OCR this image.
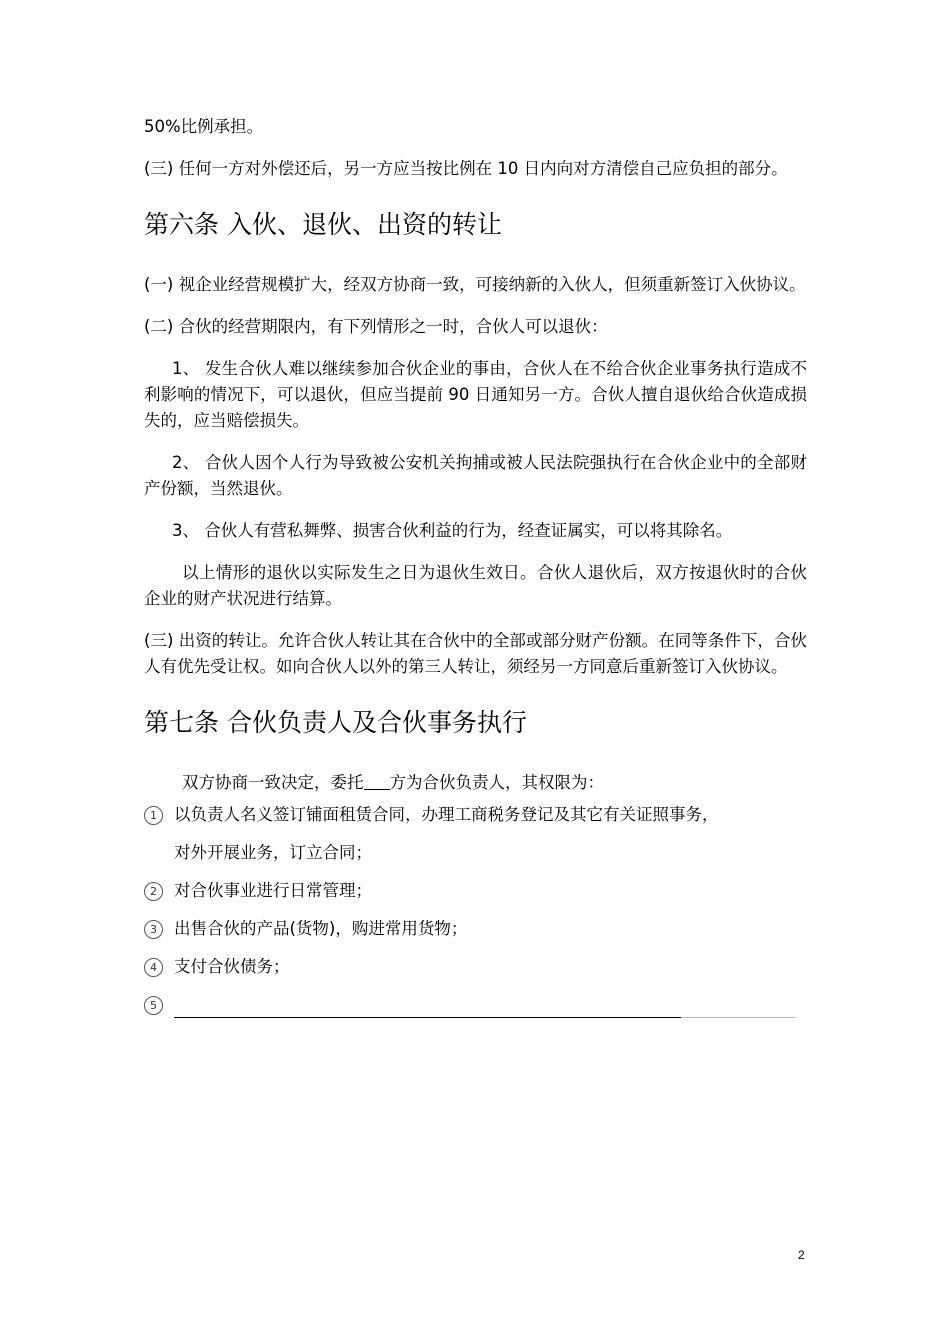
50%比例承担。

(三) 任何一方对外偿还后，另一方应当按比例在 10 日内向对方清偿自己应负担的部分。

第六条 入伙、退伙、出资的转让

(一) 视企业经营规模扩大，经双方协商一致，可接纳新的入伙人，但须重新签订入伙协议。

(二) 合伙的经营期限内，有下列情形之一时，合伙人可以退伙：

1、 发生合伙人难以继续参加合伙企业的事由，合伙人在不给合伙企业事务执行造成不利影响的情况下，可以退伙，但应当提前 90 日通知另一方。合伙人擅自退伙给合伙造成损失的，应当赔偿损失。

2、 合伙人因个人行为导致被公安机关拘捕或被人民法院强执行在合伙企业中的全部财产份额，当然退伙。

3、 合伙人有营私舞弊、损害合伙利益的行为，经查证属实，可以将其除名。

以上情形的退伙以实际发生之日为退伙生效日。合伙人退伙后，双方按退伙时的合伙企业的财产状况进行结算。

(三) 出资的转让。允许合伙人转让其在合伙中的全部或部分财产份额。在同等条件下，合伙人有优先受让权。如向合伙人以外的第三人转让，须经另一方同意后重新签订入伙协议。

第七条 合伙负责人及合伙事务执行

双方协商一致决定，委托 方为合伙负责人，其权限为：

1	以负责人名义签订铺面租赁合同，办理工商税务登记及其它有关证照事务，
对外开展业务，订立合同；
2	对合伙事业进行日常管理；
3	出售合伙的产品(货物)，购进常用货物；
4	支付合伙债务；
5
2
